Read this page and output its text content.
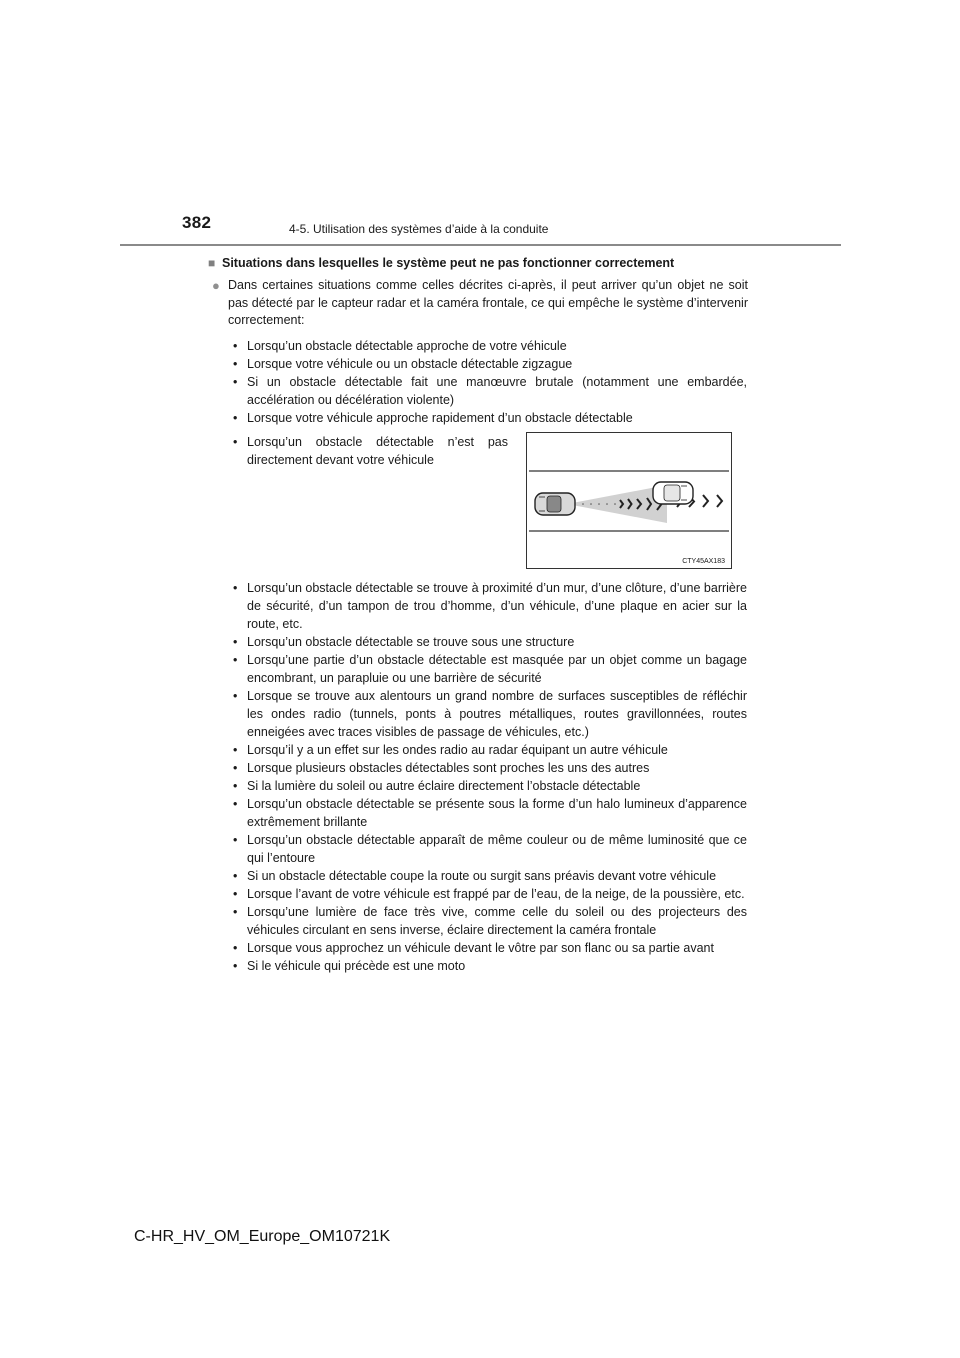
382	4-5. Utilisation des systèmes d’aide à la conduite
■ Situations dans lesquelles le système peut ne pas fonctionner correctement
● Dans certaines situations comme celles décrites ci-après, il peut arriver qu’un objet ne soit pas détecté par le capteur radar et la caméra frontale, ce qui empêche le système d’intervenir correctement:
• Lorsqu’un obstacle détectable approche de votre véhicule
• Lorsque votre véhicule ou un obstacle détectable zigzague
• Si un obstacle détectable fait une manœuvre brutale (notamment une embardée, accélération ou décélération violente)
• Lorsque votre véhicule approche rapidement d’un obstacle détectable
• Lorsqu’un obstacle détectable n’est pas directement devant votre véhicule
CTY45AX183
• Lorsqu’un obstacle détectable se trouve à proximité d’un mur, d’une clôture, d’une barrière de sécurité, d’un tampon de trou d’homme, d’un véhicule, d’une plaque en acier sur la route, etc.
• Lorsqu’un obstacle détectable se trouve sous une structure
• Lorsqu’une partie d’un obstacle détectable est masquée par un objet comme un bagage encombrant, un parapluie ou une barrière de sécurité
• Lorsque se trouve aux alentours un grand nombre de surfaces susceptibles de réfléchir les ondes radio (tunnels, ponts à poutres métalliques, routes gravillonnées, routes enneigées avec traces visibles de passage de véhicules, etc.)
• Lorsqu’il y a un effet sur les ondes radio au radar équipant un autre véhicule
• Lorsque plusieurs obstacles détectables sont proches les uns des autres
• Si la lumière du soleil ou autre éclaire directement l’obstacle détectable
• Lorsqu’un obstacle détectable se présente sous la forme d’un halo lumineux d’apparence extrêmement brillante
• Lorsqu’un obstacle détectable apparaît de même couleur ou de même luminosité que ce qui l’entoure
• Si un obstacle détectable coupe la route ou surgit sans préavis devant votre véhicule
• Lorsque l’avant de votre véhicule est frappé par de l’eau, de la neige, de la poussière, etc.
• Lorsqu’une lumière de face très vive, comme celle du soleil ou des projecteurs des véhicules circulant en sens inverse, éclaire directement la caméra frontale
• Lorsque vous approchez un véhicule devant le vôtre par son flanc ou sa partie avant
• Si le véhicule qui précède est une moto
C-HR_HV_OM_Europe_OM10721K
